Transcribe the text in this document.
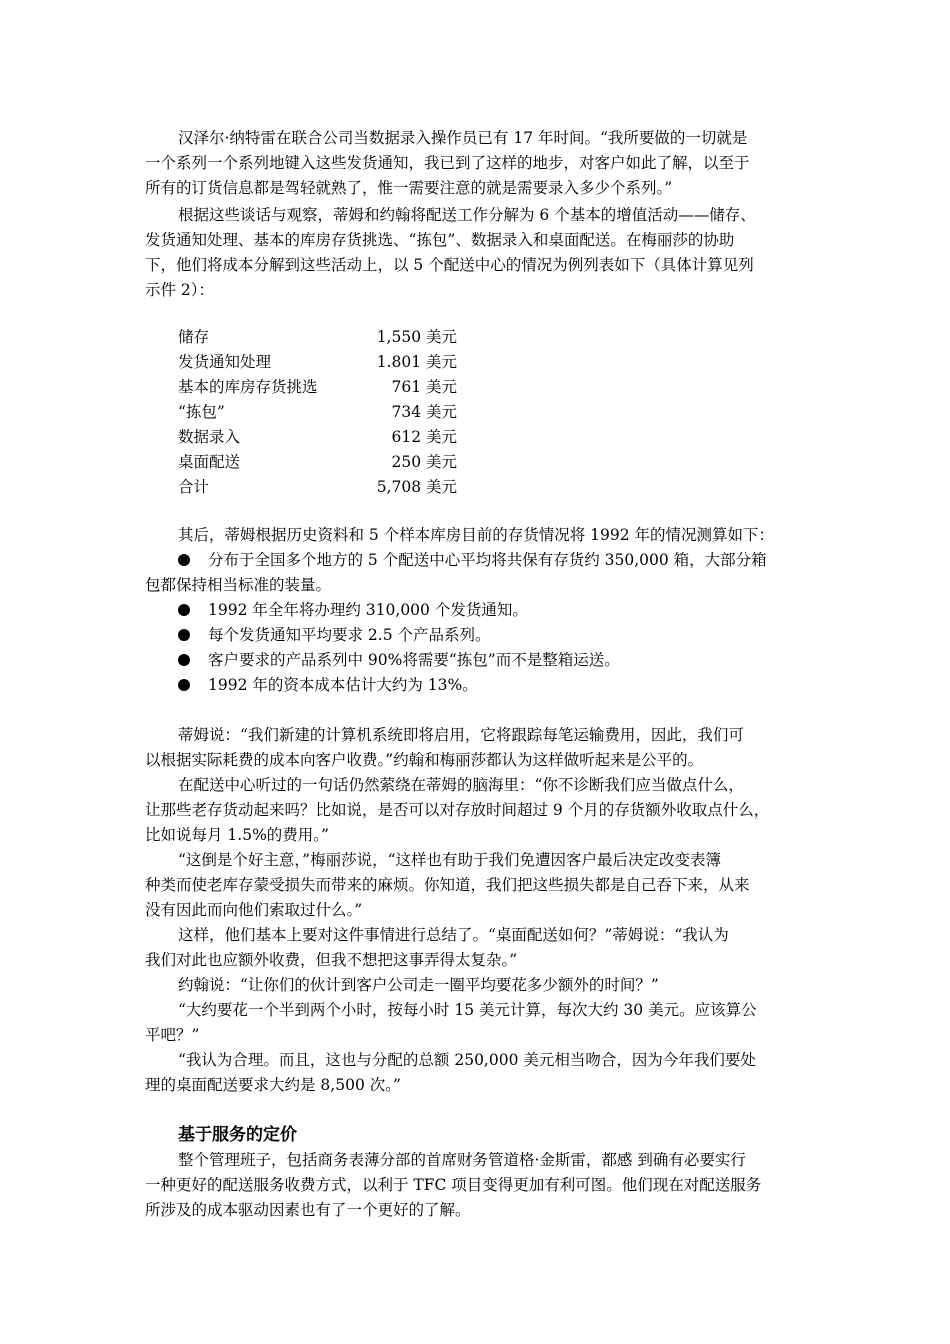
汉泽尔·纳特雷在联合公司当数据录入操作员已有 17 年时间。“我所要做的一切就是
一个系列一个系列地键入这些发货通知，我已到了这样的地步，对客户如此了解，以至于
所有的订货信息都是驾轻就熟了，惟一需要注意的就是需要录入多少个系列。”
根据这些谈话与观察，蒂姆和约翰将配送工作分解为 6 个基本的增值活动——储存、
发货通知处理、基本的库房存货挑选、“拣包”、数据录入和桌面配送。在梅丽莎的协助
下，他们将成本分解到这些活动上，以 5 个配送中心的情况为例列表如下（具体计算见列
示件 2）：
储存	1,550 美元
发货通知处理	1.801 美元
基本的库房存货挑选	761 美元
“拣包”	734 美元
数据录入	612 美元
桌面配送	250 美元
合计	5,708 美元
其后，蒂姆根据历史资料和 5 个样本库房目前的存货情况将 1992 年的情况测算如下：
分布于全国多个地方的 5 个配送中心平均将共保有存货约 350,000 箱，大部分箱
包都保持相当标准的装量。
1992 年全年将办理约 310,000 个发货通知。
每个发货通知平均要求 2.5 个产品系列。
客户要求的产品系列中 90%将需要“拣包”而不是整箱运送。
1992 年的资本成本估计大约为 13%。
蒂姆说：“我们新建的计算机系统即将启用，它将跟踪每笔运输费用，因此，我们可
以根据实际耗费的成本向客户收费。”约翰和梅丽莎都认为这样做听起来是公平的。
在配送中心听过的一句话仍然萦绕在蒂姆的脑海里：“你不诊断我们应当做点什么，
让那些老存货动起来吗？比如说，是否可以对存放时间超过 9 个月的存货额外收取点什么，
比如说每月 1.5%的费用。”
“这倒是个好主意，”梅丽莎说，“这样也有助于我们免遭因客户最后决定改变表簿
种类而使老库存蒙受损失而带来的麻烦。你知道，我们把这些损失都是自己吞下来，从来
没有因此而向他们索取过什么。”
这样，他们基本上要对这件事情进行总结了。“桌面配送如何？”蒂姆说：“我认为
我们对此也应额外收费，但我不想把这事弄得太复杂。”
约翰说：“让你们的伙计到客户公司走一圈平均要花多少额外的时间？”
“大约要花一个半到两个小时，按每小时 15 美元计算，每次大约 30 美元。应该算公
平吧？”
“我认为合理。而且，这也与分配的总额 250,000 美元相当吻合，因为今年我们要处
理的桌面配送要求大约是 8,500 次。”
基于服务的定价
整个管理班子，包括商务表薄分部的首席财务管道格·金斯雷，都感 到确有必要实行
一种更好的配送服务收费方式，以利于 TFC 项目变得更加有利可图。他们现在对配送服务
所涉及的成本驱动因素也有了一个更好的了解。
